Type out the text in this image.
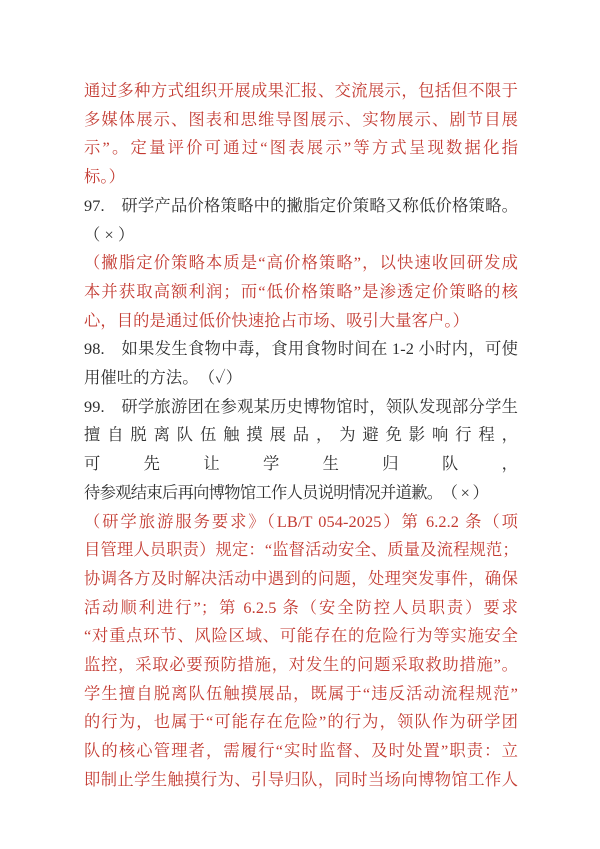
通过多种方式组织开展成果汇报、交流展示，包括但不限于
多媒体展示、图表和思维导图展示、实物展示、剧节目展
示”。定量评价可通过“图表展示”等方式呈现数据化指
标。）
97.　研学产品价格策略中的撇脂定价策略又称低价格策略。
（ × ）
（撇脂定价策略本质是“高价格策略”，以快速收回研发成
本并获取高额利润；而“低价格策略”是渗透定价策略的核
心，目的是通过低价快速抢占市场、吸引大量客户。）
98.　如果发生食物中毒，食用食物时间在 1-2 小时内，可使
用催吐的方法。　（✓）
99.　研学旅游团在参观某历史博物馆时，领队发现部分学生
擅自脱离队伍触摸展品，为避免影响行程，可先让学生归队，
待参观结束后再向博物馆工作人员说明情况并道歉。　（ × ）
（研学旅游服务要求》（LB/T 054-2025）第 6.2.2 条（项
目管理人员职责）规定：“监督活动安全、质量及流程规范；
协调各方及时解决活动中遇到的问题，处理突发事件，确保
活动顺利进行”；第 6.2.5 条（安全防控人员职责）要求
“对重点环节、风险区域、可能存在的危险行为等实施安全
监控，采取必要预防措施，对发生的问题采取救助措施”。
学生擅自脱离队伍触摸展品，既属于“违反活动流程规范”
的行为，也属于“可能存在危险”的行为，领队作为研学团
队的核心管理者，需履行“实时监督、及时处置”职责：立
即制止学生触摸行为、引导归队，同时当场向博物馆工作人
